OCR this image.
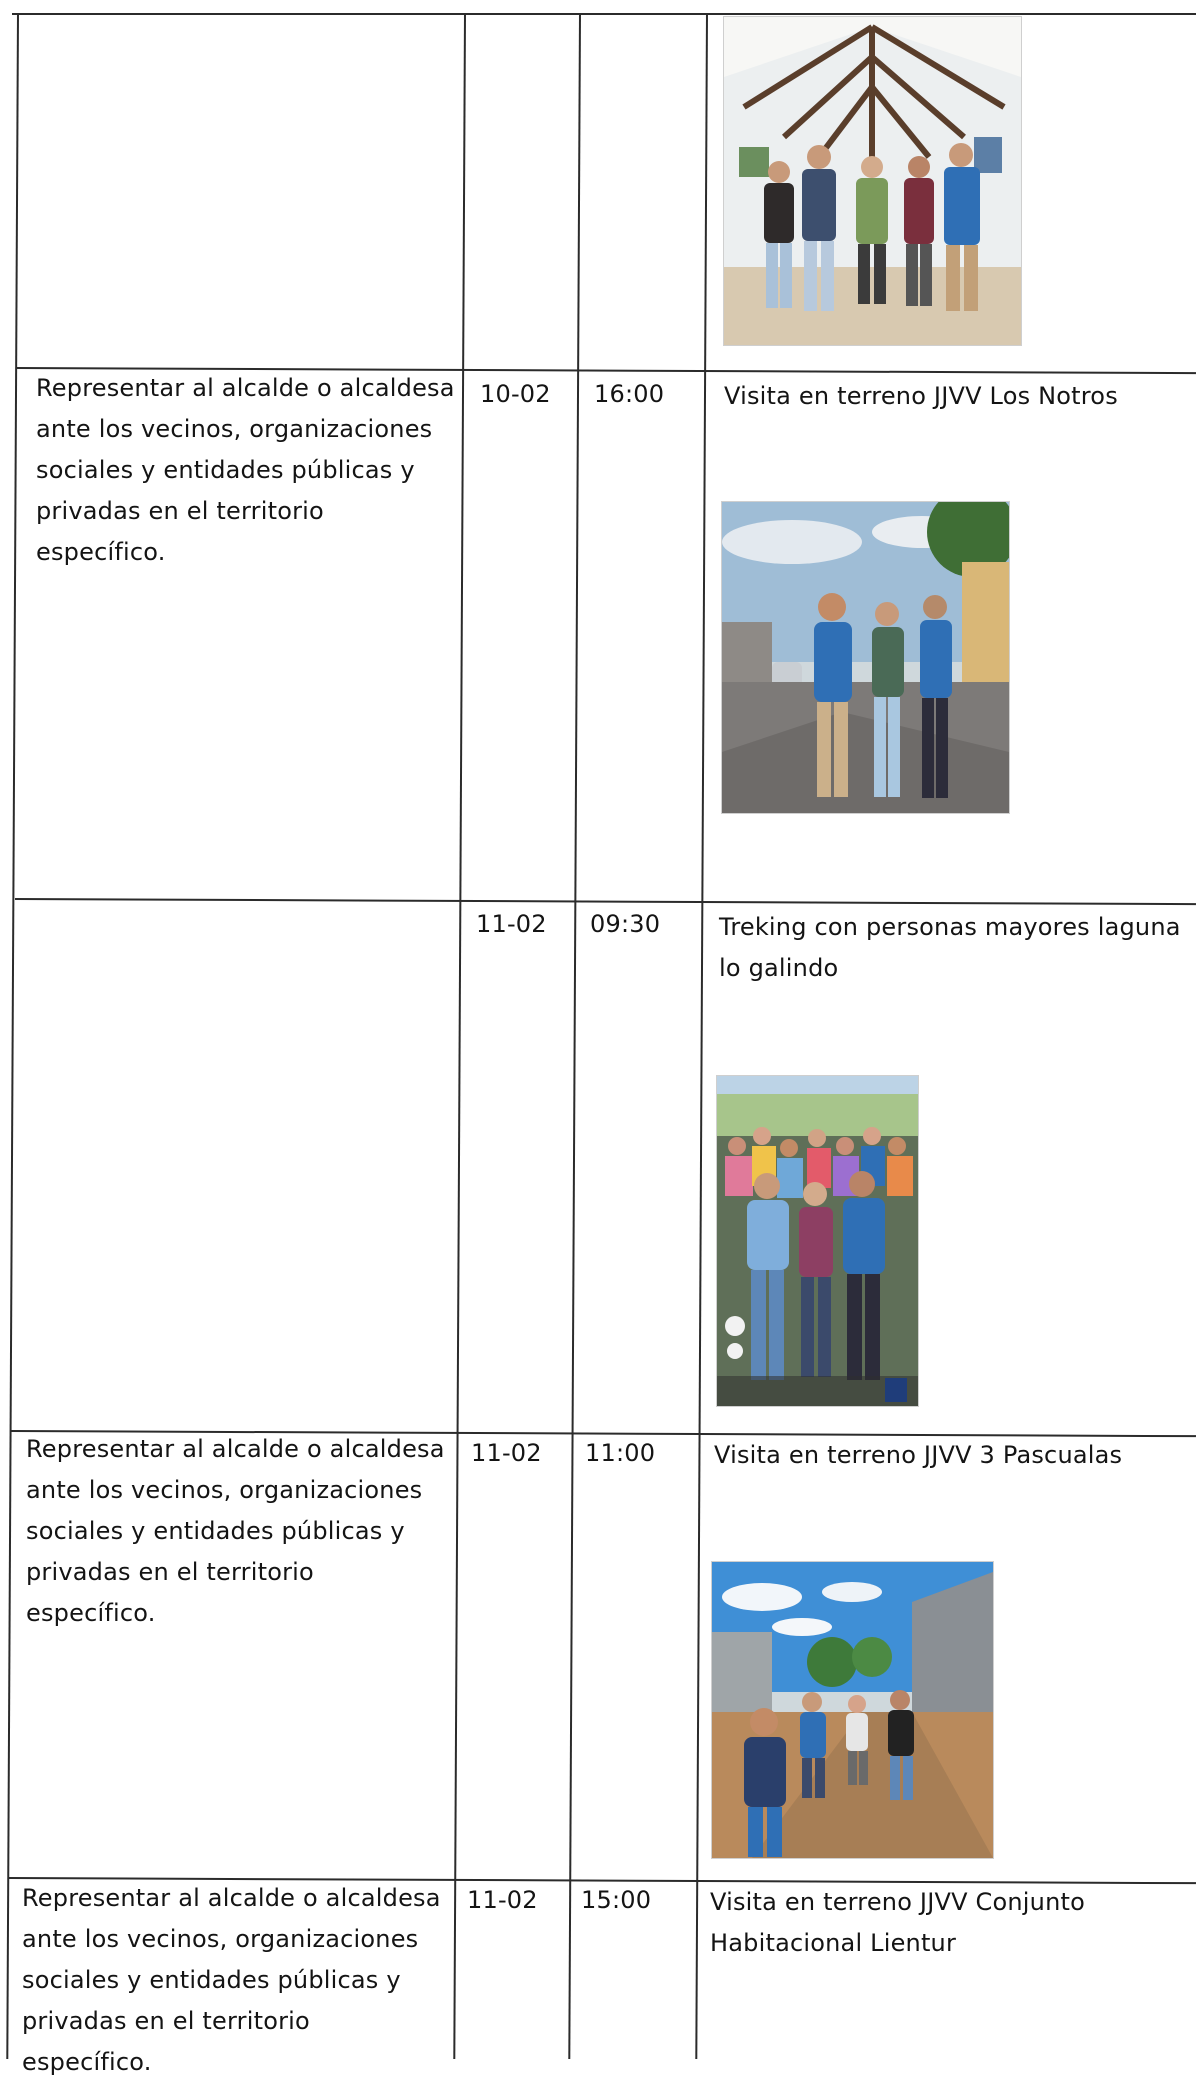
Representar al alcalde o alcaldesa
ante los vecinos, organizaciones
sociales y entidades públicas y
privadas en el territorio específico.
10-02 16:00 Visita en terreno JJVV Los Notros
11-02 09:30 Treking con personas mayores laguna
lo galindo
Representar al alcalde o alcaldesa
ante los vecinos, organizaciones
sociales y entidades públicas y
privadas en el territorio específico.
11-02 11:00 Visita en terreno JJVV 3 Pascualas
Representar al alcalde o alcaldesa
ante los vecinos, organizaciones
sociales y entidades públicas y
privadas en el territorio específico.
11-02 15:00 Visita en terreno JJVV Conjunto
Habitacional Lientur
